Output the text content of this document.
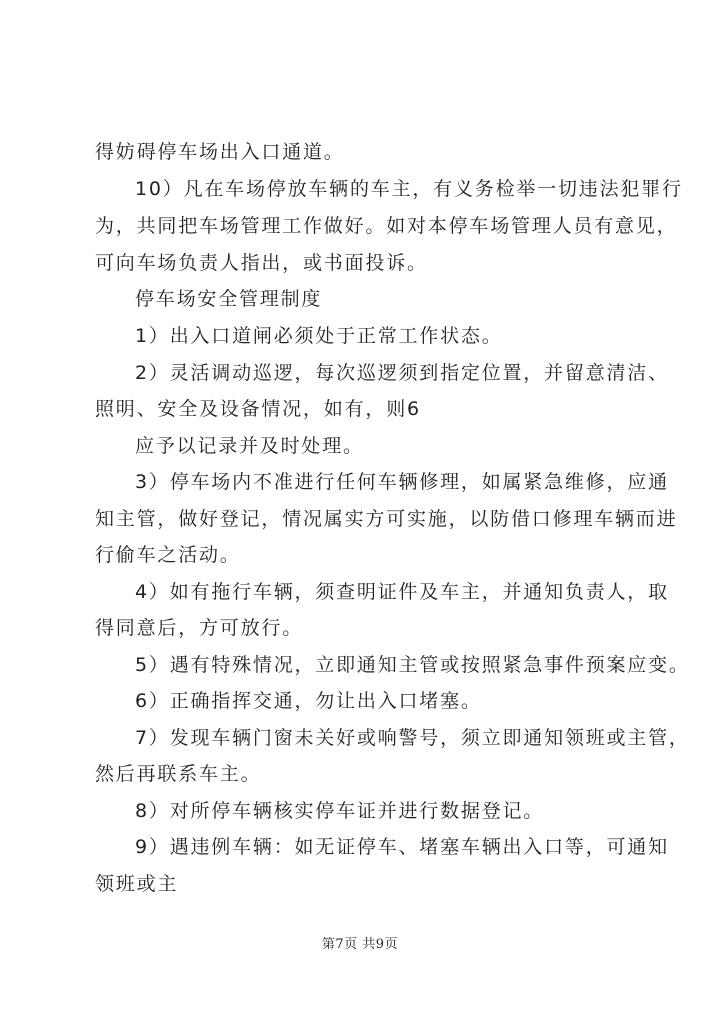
得妨碍停车场出入口通道。
10）凡在车场停放车辆的车主，有义务检举一切违法犯罪行
为，共同把车场管理工作做好。如对本停车场管理人员有意见，
可向车场负责人指出，或书面投诉。
停车场安全管理制度
1）出入口道闸必须处于正常工作状态。
2）灵活调动巡逻，每次巡逻须到指定位置，并留意清洁、
照明、安全及设备情况，如有，则6
应予以记录并及时处理。
3）停车场内不准进行任何车辆修理，如属紧急维修，应通
知主管，做好登记，情况属实方可实施，以防借口修理车辆而进
行偷车之活动。
4）如有拖行车辆，须查明证件及车主，并通知负责人，取
得同意后，方可放行。
5）遇有特殊情况，立即通知主管或按照紧急事件预案应变。
6）正确指挥交通，勿让出入口堵塞。
7）发现车辆门窗未关好或响警号，须立即通知领班或主管，
然后再联系车主。
8）对所停车辆核实停车证并进行数据登记。
9）遇违例车辆：如无证停车、堵塞车辆出入口等，可通知
领班或主
第7页 共9页
